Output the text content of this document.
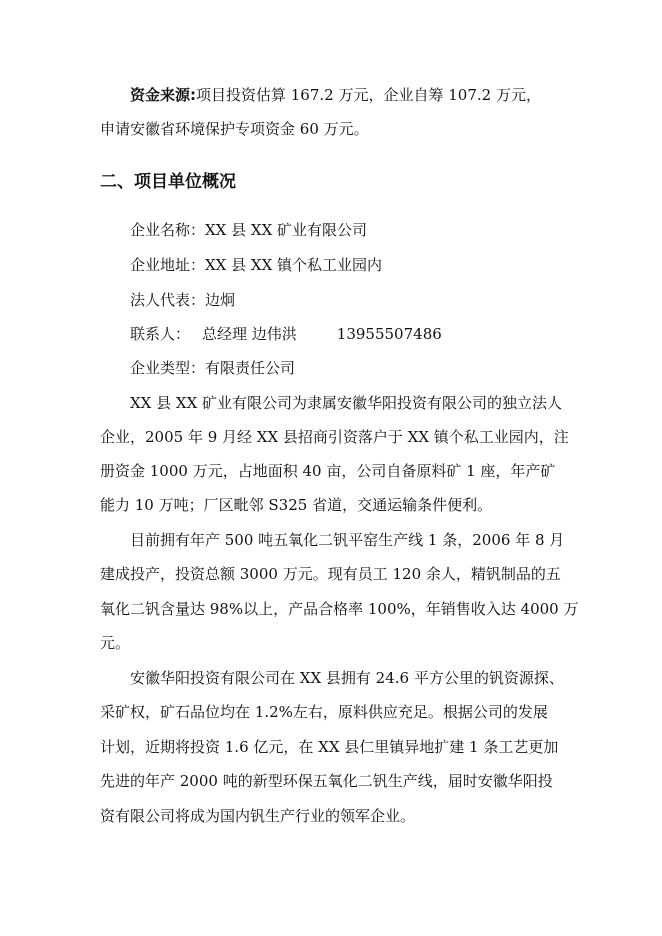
资金来源:项目投资估算 167.2 万元，企业自筹 107.2 万元，
申请安徽省环境保护专项资金 60 万元。
二、项目单位概况
企业名称：XX 县 XX 矿业有限公司
企业地址：XX 县 XX 镇个私工业园内
法人代表：边炯
联系人： 总经理 边伟洪	13955507486
企业类型：有限责任公司
XX 县 XX 矿业有限公司为隶属安徽华阳投资有限公司的独立法人
企业，2005 年 9 月经 XX 县招商引资落户于 XX 镇个私工业园内，注
册资金 1000 万元，占地面积 40 亩，公司自备原料矿 1 座，年产矿
能力 10 万吨；厂区毗邻 S325 省道，交通运输条件便利。
目前拥有年产 500 吨五氧化二钒平窑生产线 1 条，2006 年 8 月
建成投产，投资总额 3000 万元。现有员工 120 余人，精钒制品的五
氧化二钒含量达 98%以上，产品合格率 100%，年销售收入达 4000 万
元。
安徽华阳投资有限公司在 XX 县拥有 24.6 平方公里的钒资源探、
采矿权，矿石品位均在 1.2%左右，原料供应充足。根据公司的发展
计划，近期将投资 1.6 亿元，在 XX 县仁里镇异地扩建 1 条工艺更加
先进的年产 2000 吨的新型环保五氧化二钒生产线，届时安徽华阳投
资有限公司将成为国内钒生产行业的领军企业。
